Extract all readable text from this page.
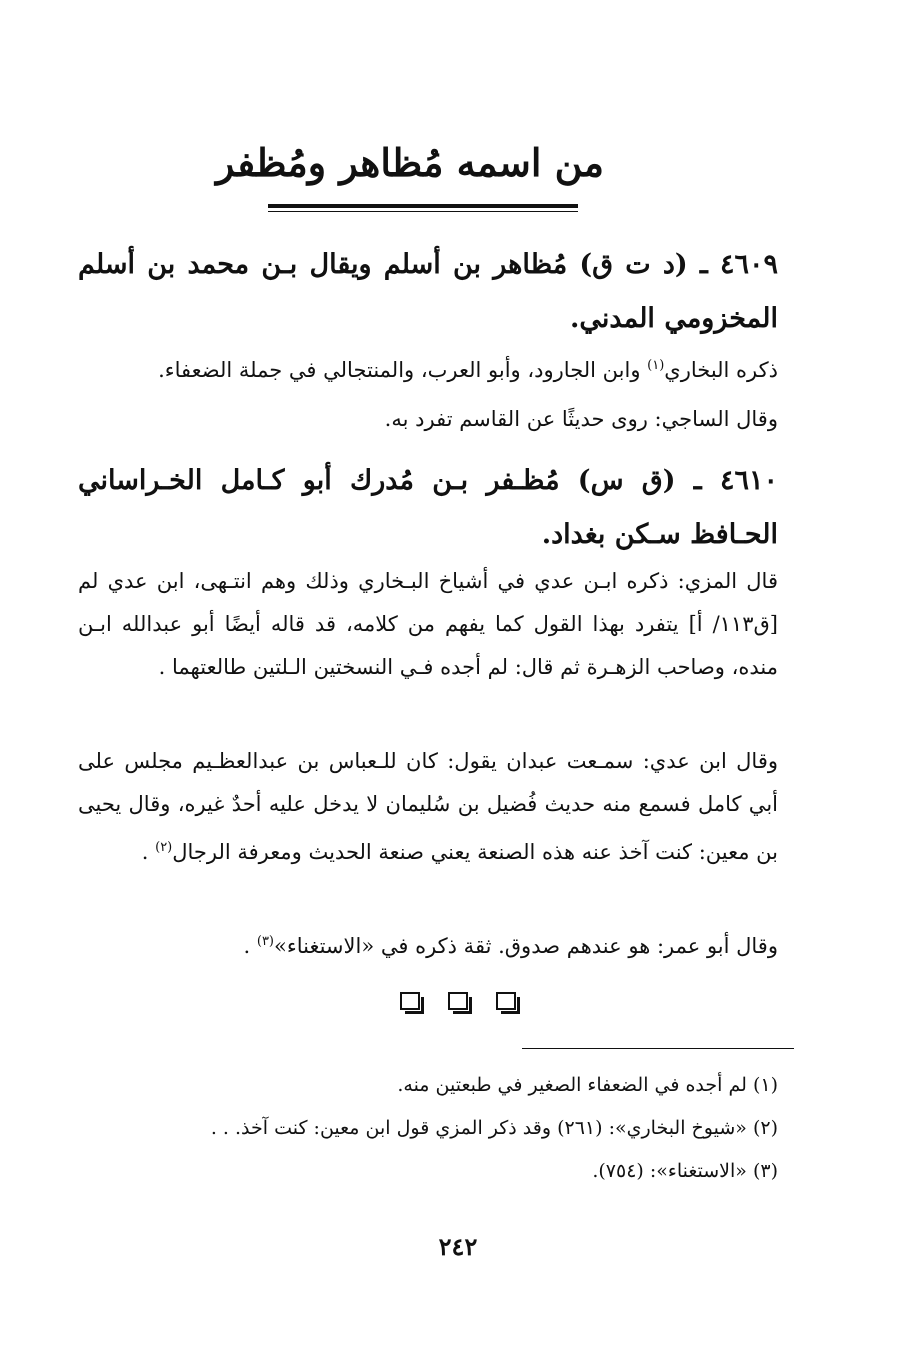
من اسمه مُظاهر ومُظفر
٤٦٠٩ ـ (د ت ق) مُظاهر بن أسلم ويقال بـن محمد بن أسلم المخزومي المدني.
ذكره البخاري$^{(١)}$ وابن الجارود، وأبو العرب، والمنتجالي في جملة الضعفاء.
وقال الساجي: روى حديثًا عن القاسم تفرد به.
٤٦١٠ ـ (ق س) مُظـفر بـن مُدرك أبو كـامل الخـراساني الحـافظ سـكن بغداد.
قال المزي: ذكره ابـن عدي في أشياخ البـخاري وذلك وهم انتـهى، ابن عدي لم [ق١١٣/ أ] يتفرد بهذا القول كما يفهم من كلامه، قد قاله أيضًا أبو عبدالله ابـن منده، وصاحب الزهـرة ثم قال: لم أجده فـي النسختين الـلتين طالعتهما .
وقال ابن عدي: سمـعت عبدان يقول: كان للـعباس بن عبدالعظـيم مجلس على أبي كامل فسمع منه حديث فُضيل بن سُليمان لا يدخل عليه أحدٌ غيره، وقال يحيى بن معين: كنت آخذ عنه هذه الصنعة يعني صنعة الحديث ومعرفة الرجال$^{(٢)}$ .
وقال أبو عمر: هو عندهم صدوق. ثقة ذكره في «الاستغناء»$^{(٣)}$ .
(١) لم أجده في الضعفاء الصغير في طبعتين منه.
(٢) «شيوخ البخاري»: (٢٦١) وقد ذكر المزي قول ابن معين: كنت آخذ. . .
(٣) «الاستغناء»: (٧٥٤).
٢٤٢
